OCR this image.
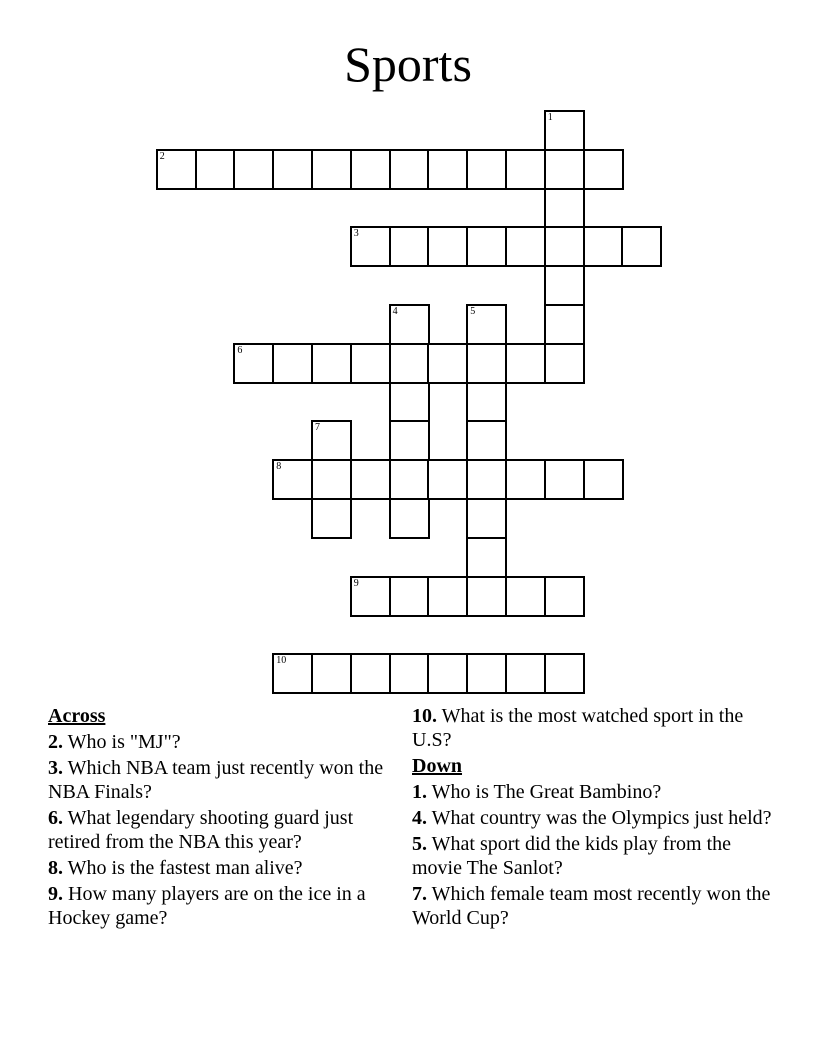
Sports
1
2
3
4	5
6
7
8
9
10
Across
2. Who is "MJ"?
3. Which NBA team just recently won the NBA Finals?
6. What legendary shooting guard just retired from the NBA this year?
8. Who is the fastest man alive?
9. How many players are on the ice in a Hockey game?
10. What is the most watched sport in the U.S?
Down
1. Who is The Great Bambino?
4. What country was the Olympics just held?
5. What sport did the kids play from the movie The Sanlot?
7. Which female team most recently won the World Cup?
